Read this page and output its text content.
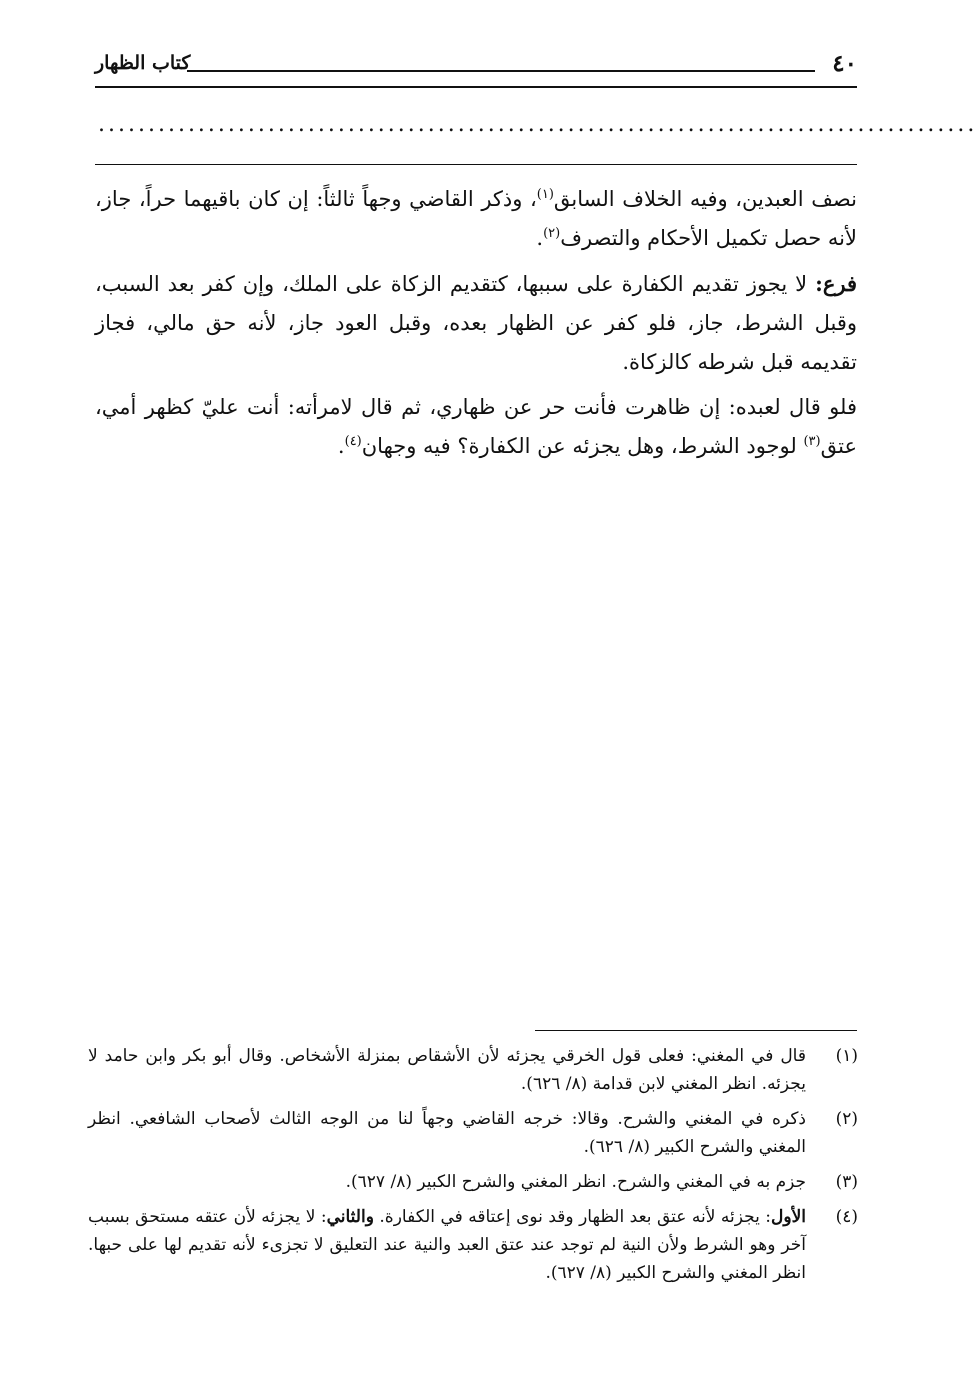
٤٠
كتاب الظهار
........................................................................................

نصف العبدين، وفيه الخلاف السابق$^{(١)}$، وذكر القاضي وجهاً ثالثاً: إن كان باقيهما حراً، جاز، لأنه حصل تكميل الأحكام والتصرف$^{(٢)}$.

فرع: لا يجوز تقديم الكفارة على سببها، كتقديم الزكاة على الملك، وإن كفر بعد السبب، وقبل الشرط، جاز، فلو كفر عن الظهار بعده، وقبل العود جاز، لأنه حق مالي، فجاز تقديمه قبل شرطه كالزكاة.

فلو قال لعبده: إن ظاهرت فأنت حر عن ظهاري، ثم قال لامرأته: أنت عليّ كظهر أمي، عتق$^{(٣)}$ لوجود الشرط، وهل يجزئه عن الكفارة؟ فيه وجهان$^{(٤)}$.

(١)
قال في المغني: فعلى قول الخرقي يجزئه لأن الأشقاص بمنزلة الأشخاص. وقال أبو بكر وابن حامد لا يجزئه. انظر المغني لابن قدامة (٨/ ٦٢٦).
(٢)
ذكره في المغني والشرح. وقالا: خرجه القاضي وجهاً لنا من الوجه الثالث لأصحاب الشافعي. انظر المغني والشرح الكبير (٨/ ٦٢٦).
(٣)
جزم به في المغني والشرح. انظر المغني والشرح الكبير (٨/ ٦٢٧).
(٤)
الأول: يجزئه لأنه عتق بعد الظهار وقد نوى إعتاقه في الكفارة. والثاني: لا يجزئه لأن عتقه مستحق بسبب آخر وهو الشرط ولأن النية لم توجد عند عتق العبد والنية عند التعليق لا تجزىء لأنه تقديم لها على حبها. انظر المغني والشرح الكبير (٨/ ٦٢٧).
